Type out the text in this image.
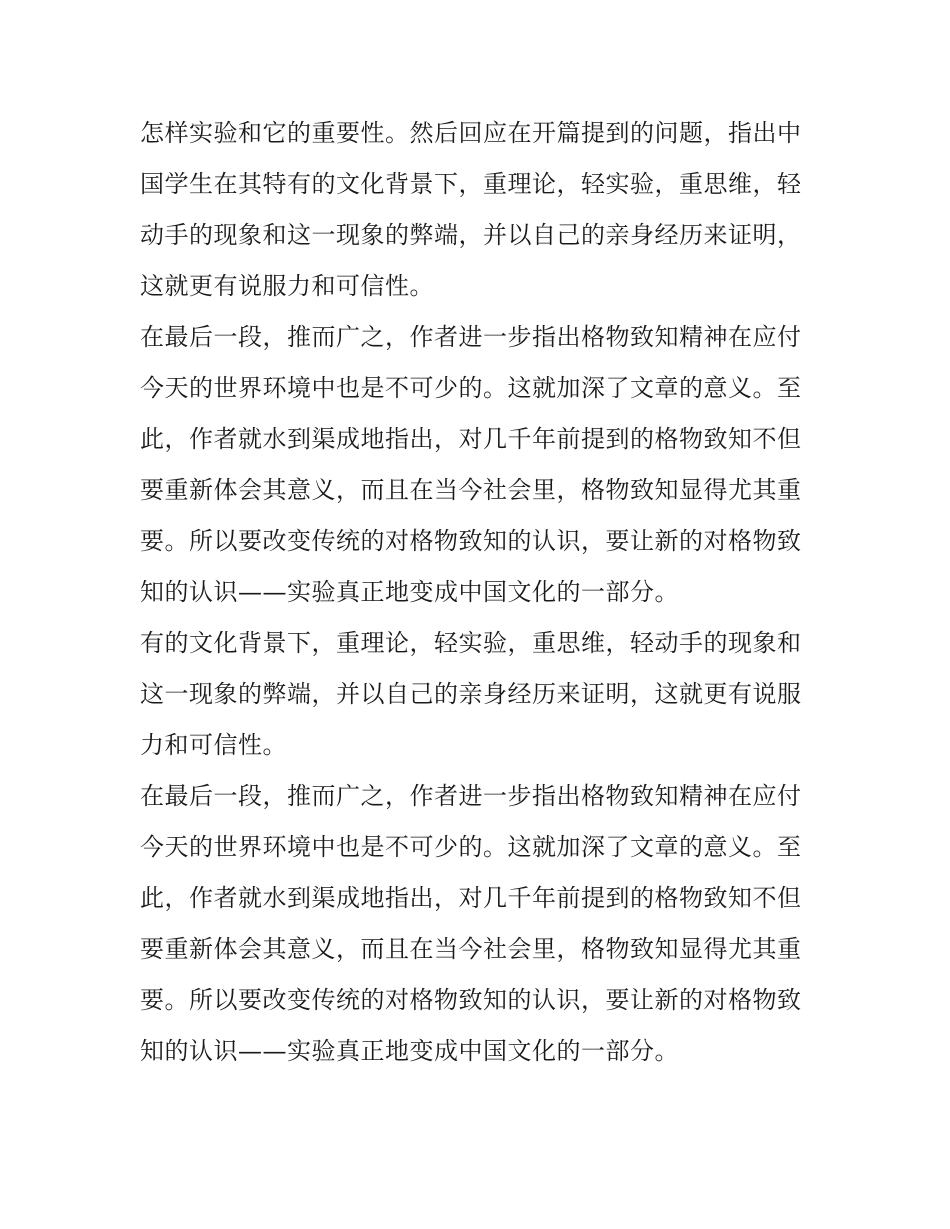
怎样实验和它的重要性。然后回应在开篇提到的问题，指出中
国学生在其特有的文化背景下，重理论，轻实验，重思维，轻
动手的现象和这一现象的弊端，并以自己的亲身经历来证明，
这就更有说服力和可信性。

在最后一段，推而广之，作者进一步指出格物致知精神在应付
今天的世界环境中也是不可少的。这就加深了文章的意义。至
此，作者就水到渠成地指出，对几千年前提到的格物致知不但
要重新体会其意义，而且在当今社会里，格物致知显得尤其重
要。所以要改变传统的对格物致知的认识，要让新的对格物致
知的认识——实验真正地变成中国文化的一部分。

有的文化背景下，重理论，轻实验，重思维，轻动手的现象和
这一现象的弊端，并以自己的亲身经历来证明，这就更有说服
力和可信性。

在最后一段，推而广之，作者进一步指出格物致知精神在应付
今天的世界环境中也是不可少的。这就加深了文章的意义。至
此，作者就水到渠成地指出，对几千年前提到的格物致知不但
要重新体会其意义，而且在当今社会里，格物致知显得尤其重
要。所以要改变传统的对格物致知的认识，要让新的对格物致
知的认识——实验真正地变成中国文化的一部分。
